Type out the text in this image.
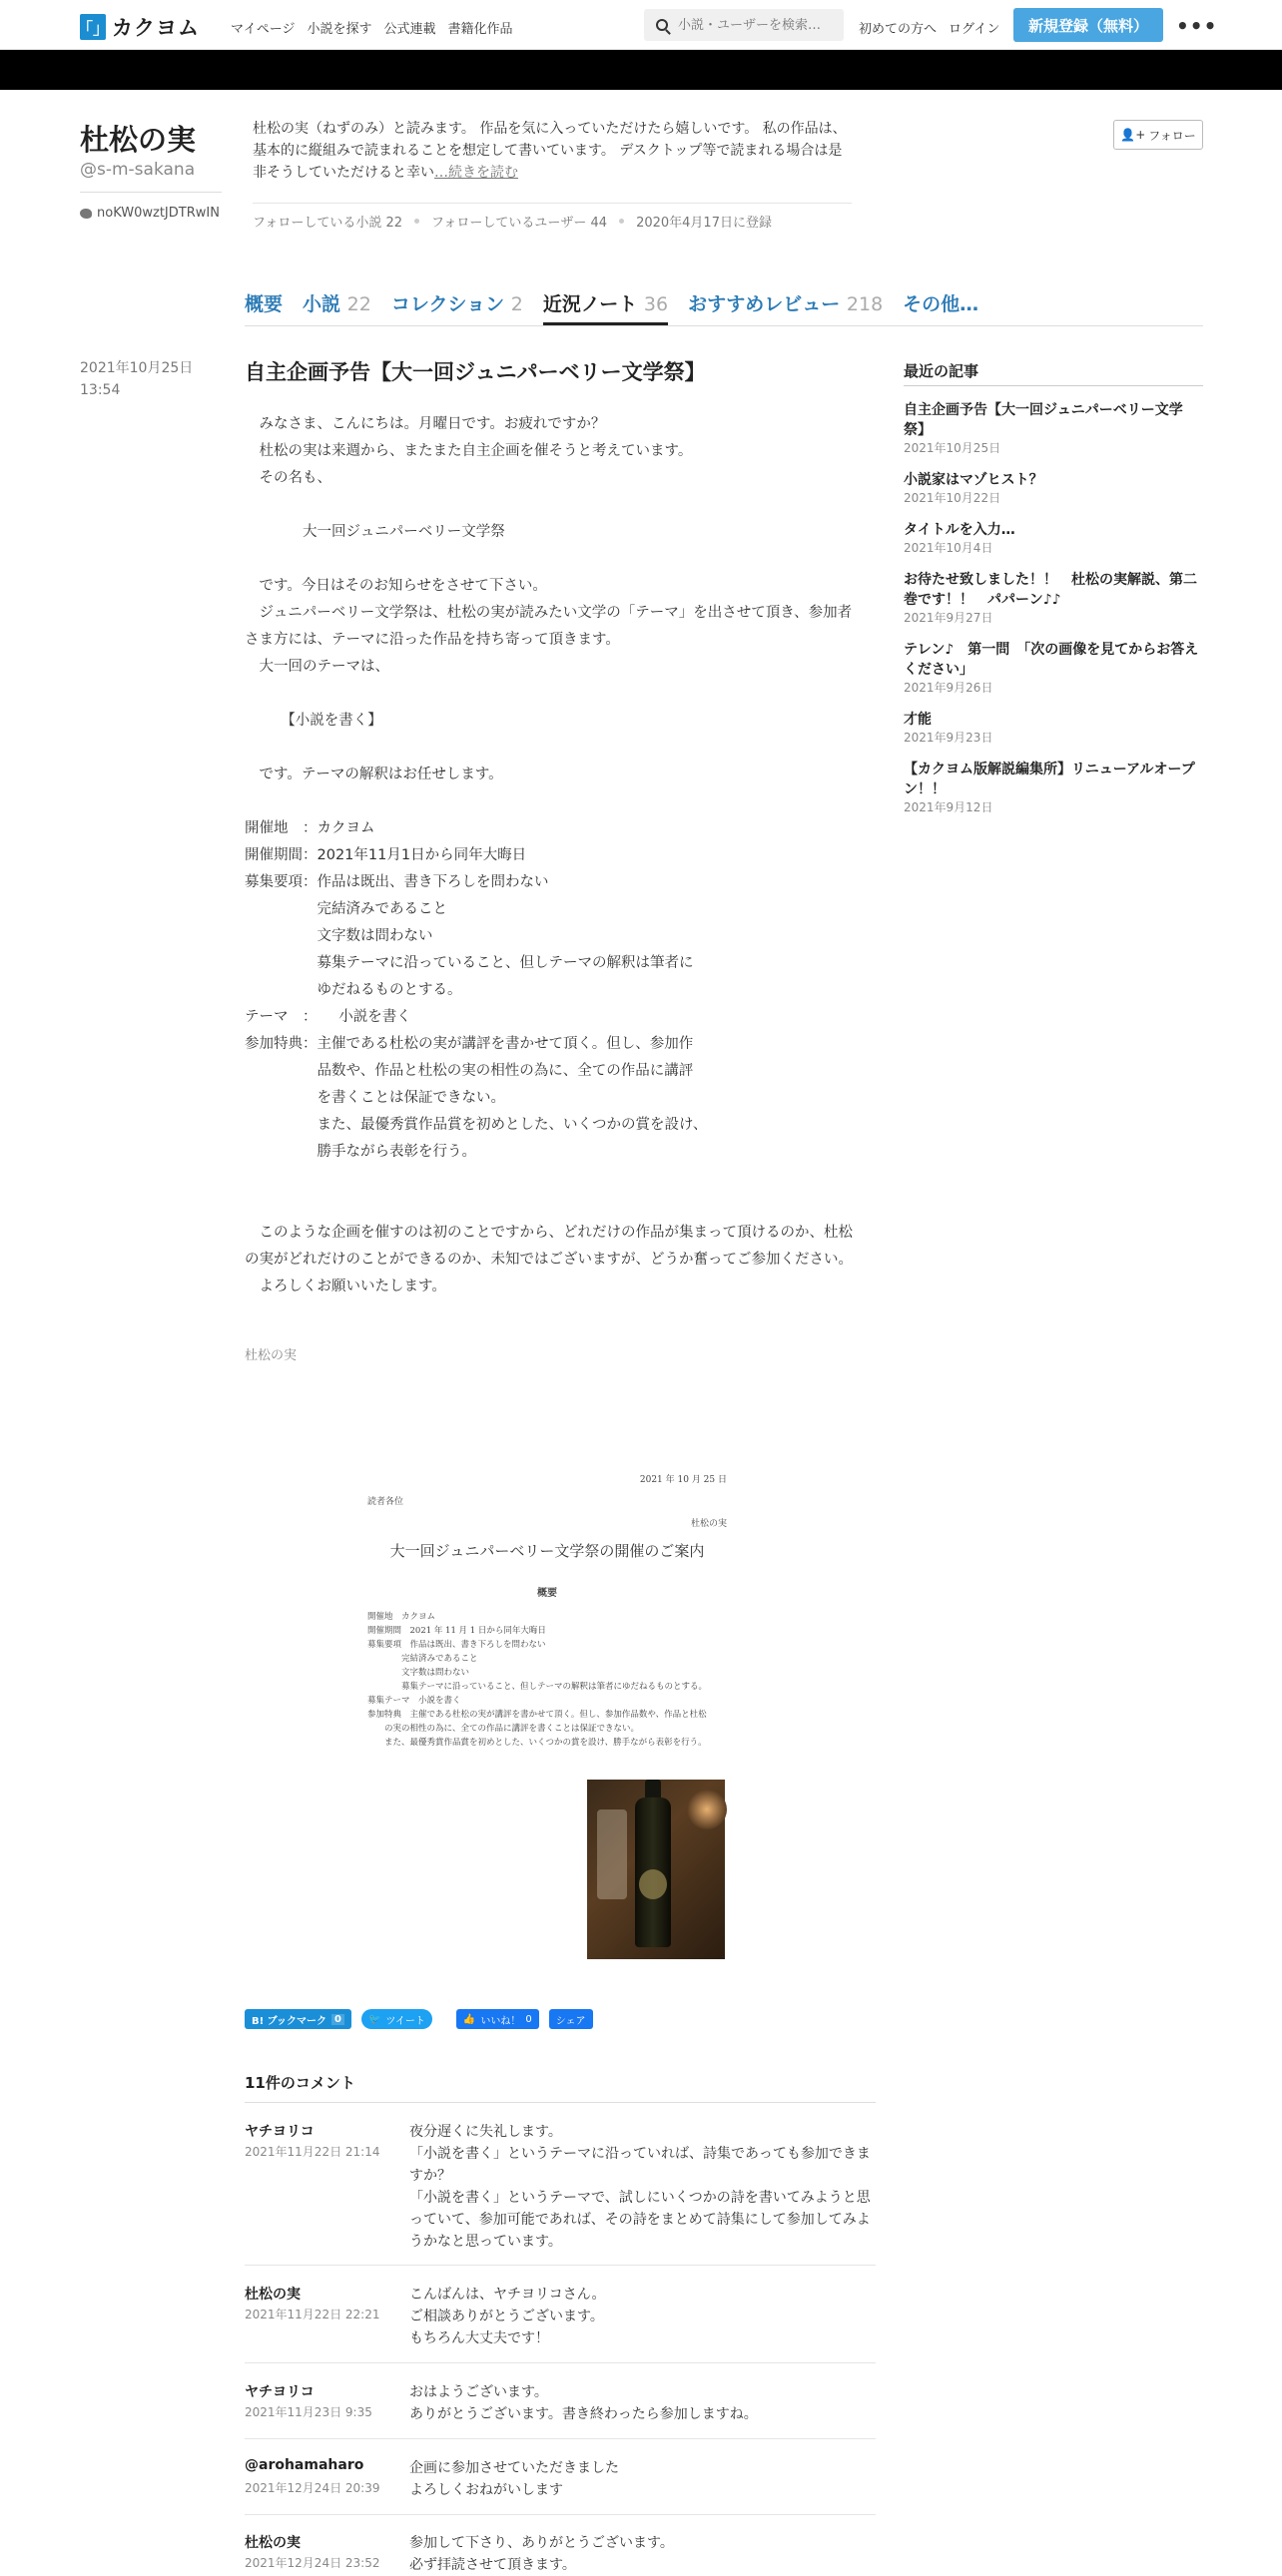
「」 カクヨム マイページ 小説を探す 公式連載 書籍化作品
小説・ユーザーを検索…	初めての方へ ログイン	新規登録（無料）	•••
杜松の実
@s-m-sakana
noKW0wztJDTRwIN
杜松の実（ねずのみ）と読みます。 作品を気に入っていただけたら嬉しいです。 私の作品は、基本的に縦組みで読まれることを想定して書いています。 デスクトップ等で読まれる場合は是非そうしていただけると幸い…続きを読む
フォローしている小説 22 フォローしているユーザー 44 2020年4月17日に登録
👤+ フォロー
概要 小説 22 コレクション 2 近況ノート 36 おすすめレビュー 218 その他…
2021年10月25日
13:54
自主企画予告【大一回ジュニパーベリー文学祭】

　みなさま、こんにちは。月曜日です。お疲れですか？

　杜松の実は来週から、またまた自主企画を催そうと考えています。

　その名も、

　　　　大一回ジュニパーベリー文学祭

　です。今日はそのお知らせをさせて下さい。

　ジュニパーベリー文学祭は、杜松の実が読みたい文学の「テーマ」を出させて頂き、参加者さま方には、テーマに沿った作品を持ち寄って頂きます。

　大一回のテーマは、

　　　【小説を書く】

　です。テーマの解釈はお任せします。

開催地　：カクヨム

開催期間：2021年11月1日から同年大晦日

募集要項：作品は既出、書き下ろしを問わない

　　　　　完結済みであること

　　　　　文字数は問わない

　　　　　募集テーマに沿っていること、但しテーマの解釈は筆者に

　　　　　ゆだねるものとする。

テーマ　：　　小説を書く

参加特典：主催である杜松の実が講評を書かせて頂く。但し、参加作

　　　　　品数や、作品と杜松の実の相性の為に、全ての作品に講評

　　　　　を書くことは保証できない。

　　　　　また、最優秀賞作品賞を初めとした、いくつかの賞を設け、

　　　　　勝手ながら表彰を行う。

　このような企画を催すのは初のことですから、どれだけの作品が集まって頂けるのか、杜松の実がどれだけのことができるのか、未知ではございますが、どうか奮ってご参加ください。

　よろしくお願いいたします。

杜松の実
2021 年 10 月 25 日
読者各位
杜松の実
大一回ジュニパーベリー文学祭の開催のご案内
概要
開催地　カクヨム
開催期間　2021 年 11 月 1 日から同年大晦日
募集要項　作品は既出、書き下ろしを問わない
　　　　完結済みであること
　　　　文字数は問わない
　　　　募集テーマに沿っていること、但しテーマの解釈は筆者にゆだねるものとする。
募集テーマ　小説を書く
参加特典　主催である杜松の実が講評を書かせて頂く。但し、参加作品数や、作品と杜松
　　の実の相性の為に、全ての作品に講評を書くことは保証できない。
　　また、最優秀賞作品賞を初めとした、いくつかの賞を設け、勝手ながら表彰を行う。
B! ブックマーク 0	🐦 ツイート	👍 いいね！ 0	シェア
11件のコメント
ヤチヨリコ
2021年11月22日 21:14
夜分遅くに失礼します。
「小説を書く」というテーマに沿っていれば、詩集であっても参加できますか？
「小説を書く」というテーマで、試しにいくつかの詩を書いてみようと思っていて、参加可能であれば、その詩をまとめて詩集にして参加してみようかなと思っています。
杜松の実
2021年11月22日 22:21
こんばんは、ヤチヨリコさん。
ご相談ありがとうございます。
もちろん大丈夫です！
ヤチヨリコ
2021年11月23日 9:35
おはようございます。
ありがとうございます。書き終わったら参加しますね。
@arohamaharo
2021年12月24日 20:39
企画に参加させていただきました
よろしくおねがいします
杜松の実
2021年12月24日 23:52
参加して下さり、ありがとうございます。
必ず拝読させて頂きます。
最近の記事
自主企画予告【大一回ジュニパーベリー文学祭】
2021年10月25日
小説家はマゾヒスト？
2021年10月22日
タイトルを入力…
2021年10月4日
お待たせ致しました！！　杜松の実解説、第二巻です！！　パパーン♪♪
2021年9月27日
テレン♪　第一問　「次の画像を見てからお答えください」
2021年9月26日
才能
2021年9月23日
【カクヨム版解説編集所】リニューアルオープン！！
2021年9月12日
